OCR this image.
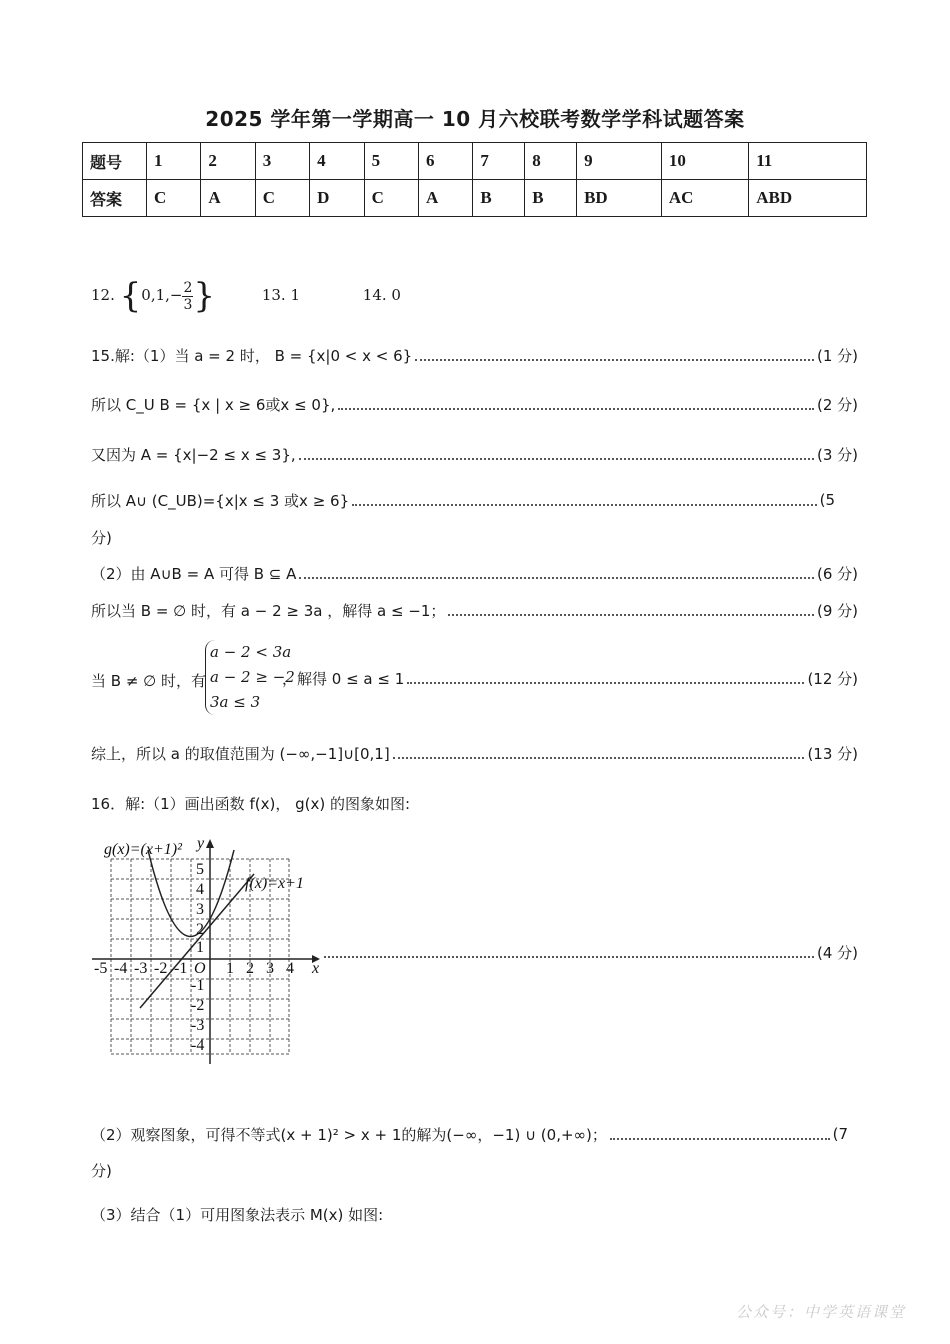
2025 学年第一学期高一 10 月六校联考数学学科试题答案
题号	1	2	3	4	5	6	7	8	9	10	11
答案	C	A	C	D	C	A	B	B	BD	AC	ABD
12. {$0,1,- \frac{2}{3}$ }	13. 1	14. 0
15.解:（1）当 a = 2 时， B = {x|0 < x < 6}	(1 分)
所以 C_U B = {x | x ≥ 6或x ≤ 0},	(2 分)
又因为 A = {x|−2 ≤ x ≤ 3},	(3 分)
所以 A∪ (C_UB)={x|x ≤ 3 或x ≥ 6}	(5
分)
（2）由 A∪B = A 可得 B ⊆ A	(6 分)
所以当 B = ∅ 时，有 a − 2 ≥ 3a ，解得 a ≤ −1；	(9 分)
当 B ≠ ∅ 时，有
a − 2 < 3a
a − 2 ≥ −2
3a ≤ 3
，解得 0 ≤ a ≤ 1	(12 分)
综上，所以 a 的取值范围为 (−∞,−1]∪[0,1]	(13 分)
16．解:（1）画出函数 f(x)， g(x) 的图象如图:
g(x)=(x+1)²
f(x)=x+1
x
y
O
-5 -4 -3 -2 -1 1 2 3 4
5
4
3
2
1
-1
-2
-3
-4
(4 分)
（2）观察图象，可得不等式(x + 1)² > x + 1的解为(−∞，−1) ∪ (0,+∞)；	(7
分)
（3）结合（1）可用图象法表示 M(x) 如图:
公众号：中学英语课堂
